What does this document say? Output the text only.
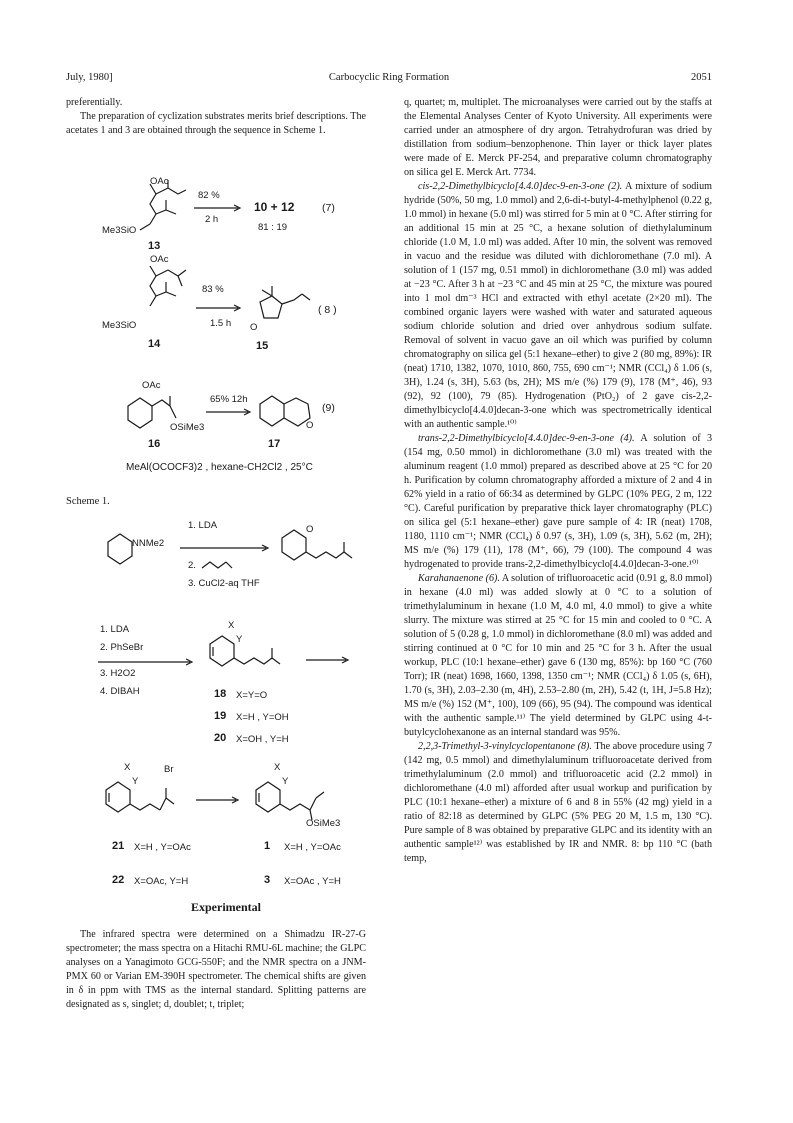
July, 1980]	Carbocyclic Ring Formation	2051

preferentially.

The preparation of cyclization substrates merits brief descriptions. The acetates 1 and 3 are obtained through the sequence in Scheme 1.

OAc
Me3SiO
13
82 %
2 h
10 + 12
81 : 19
(7)
OAc
Me3SiO
14
83 %
1.5 h O
15
( 8 )
OAc
OSiMe3
16
65% 12h
O
17
(9)
MeAl(OCOCF3)2 , hexane-CH2Cl2 , 25°C
Scheme 1.
NNMe2
1. LDA
2.
3. CuCl2-aq THF
O
1. LDA
2. PhSeBr
3. H2O2
4. DIBAH
X
Y
18 X=Y=O
19 X=H , Y=OH
20 X=OH , Y=H
X
Y
Br	X
Y
OSiMe3
21 X=H , Y=OAc	1 X=H , Y=OAc
22 X=OAc, Y=H	3 X=OAc , Y=H
Experimental

The infrared spectra were determined on a Shimadzu IR-27-G spectrometer; the mass spectra on a Hitachi RMU-6L machine; the GLPC analyses on a Yanagimoto GCG-550F; and the NMR spectra on a JNM-PMX 60 or Varian EM-390H spectrometer. The chemical shifts are given in δ in ppm with TMS as the internal standard. Splitting patterns are designated as s, singlet; d, doublet; t, triplet;

q, quartet; m, multiplet. The microanalyses were carried out by the staffs at the Elemental Analyses Center of Kyoto University. All experiments were carried under an atmosphere of dry argon. Tetrahydrofuran was dried by distillation from sodium–benzophenone. Thin layer or thick layer plates were made of E. Merck PF-254, and preparative column chromatography on silica gel E. Merck Art. 7734.

cis-2,2-Dimethylbicyclo[4.4.0]dec-9-en-3-one (2). A mixture of sodium hydride (50%, 50 mg, 1.0 mmol) and 2,6-di-t-butyl-4-methylphenol (0.22 g, 1.0 mmol) in hexane (5.0 ml) was stirred for 5 min at 0 °C. After stirring for an additional 15 min at 25 °C, a hexane solution of diethylaluminum chloride (1.0 M, 1.0 ml) was added. After 10 min, the solvent was removed in vacuo and the residue was diluted with dichloromethane (7.0 ml). A solution of 1 (157 mg, 0.51 mmol) in dichloromethane (3.0 ml) was added at −23 °C. After 3 h at −23 °C and 45 min at 25 °C, the mixture was poured into 1 mol dm⁻³ HCl and extracted with ethyl acetate (2×20 ml). The combined organic layers were washed with water and saturated aqueous sodium chloride solution and dried over anhydrous sodium sulfate. Removal of solvent in vacuo gave an oil which was purified by column chromatography on silica gel (5:1 hexane–ether) to give 2 (80 mg, 89%): IR (neat) 1710, 1382, 1070, 1010, 860, 755, 690 cm⁻¹; NMR (CCl₄) δ 1.06 (s, 3H), 1.24 (s, 3H), 5.63 (bs, 2H); MS m/e (%) 179 (9), 178 (M⁺, 46), 93 (92), 92 (100), 79 (85). Hydrogenation (PtO₂) of 2 gave cis-2,2-dimethylbicyclo[4.4.0]decan-3-one which was spectrometrically identical with an authentic sample.¹⁰⁾

trans-2,2-Dimethylbicyclo[4.4.0]dec-9-en-3-one (4). A solution of 3 (154 mg, 0.50 mmol) in dichloromethane (3.0 ml) was treated with the aluminum reagent (1.0 mmol) prepared as described above at 25 °C for 20 h. Purification by column chromatography afforded a mixture of 2 and 4 in 62% yield in a ratio of 66:34 as determined by GLPC (10% PEG, 2 m, 122 °C). Careful purification by preparative thick layer chromatography (PLC) on silica gel (5:1 hexane–ether) gave pure sample of 4: IR (neat) 1708, 1180, 1110 cm⁻¹; NMR (CCl₄) δ 0.97 (s, 3H), 1.09 (s, 3H), 5.62 (m, 2H); MS m/e (%) 179 (11), 178 (M⁺, 66), 79 (100). The compound 4 was hydrogenated to provide trans-2,2-dimethylbicyclo[4.4.0]decan-3-one.¹⁰⁾

Karahanaenone (6). A solution of trifluoroacetic acid (0.91 g, 8.0 mmol) in hexane (4.0 ml) was added slowly at 0 °C to a solution of trimethylaluminum in hexane (1.0 M, 4.0 ml, 4.0 mmol) to give a white slurry. The mixture was stirred at 25 °C for 15 min and cooled to 0 °C. A solution of 5 (0.28 g, 1.0 mmol) in dichloromethane (8.0 ml) was added and stirring continued at 0 °C for 10 min and 25 °C for 3 h. After the usual workup, PLC (10:1 hexane–ether) gave 6 (130 mg, 85%): bp 160 °C (760 Torr); IR (neat) 1698, 1660, 1398, 1350 cm⁻¹; NMR (CCl₄) δ 1.05 (s, 6H), 1.70 (s, 3H), 2.03–2.30 (m, 4H), 2.53–2.80 (m, 2H), 5.42 (t, 1H, J=5.8 Hz); MS m/e (%) 152 (M⁺, 100), 109 (66), 95 (94). The compound was identical with the authentic sample.¹¹⁾ The yield determined by GLPC using 4-t-butylcyclohexanone as an internal standard was 95%.

2,2,3-Trimethyl-3-vinylcyclopentanone (8). The above procedure using 7 (142 mg, 0.5 mmol) and dimethylaluminum trifluoroacetate derived from trimethylaluminum (2.0 mmol) and trifluoroacetic acid (2.2 mmol) in dichloromethane (4.0 ml) afforded after usual workup and purification by PLC (10:1 hexane–ether) a mixture of 6 and 8 in 55% (42 mg) yield in a ratio of 82:18 as determined by GLPC (5% PEG 20 M, 1.5 m, 130 °C). Pure sample of 8 was obtained by preparative GLPC and its identity with an authentic sample¹²⁾ was established by IR and NMR. 8: bp 110 °C (bath temp,
